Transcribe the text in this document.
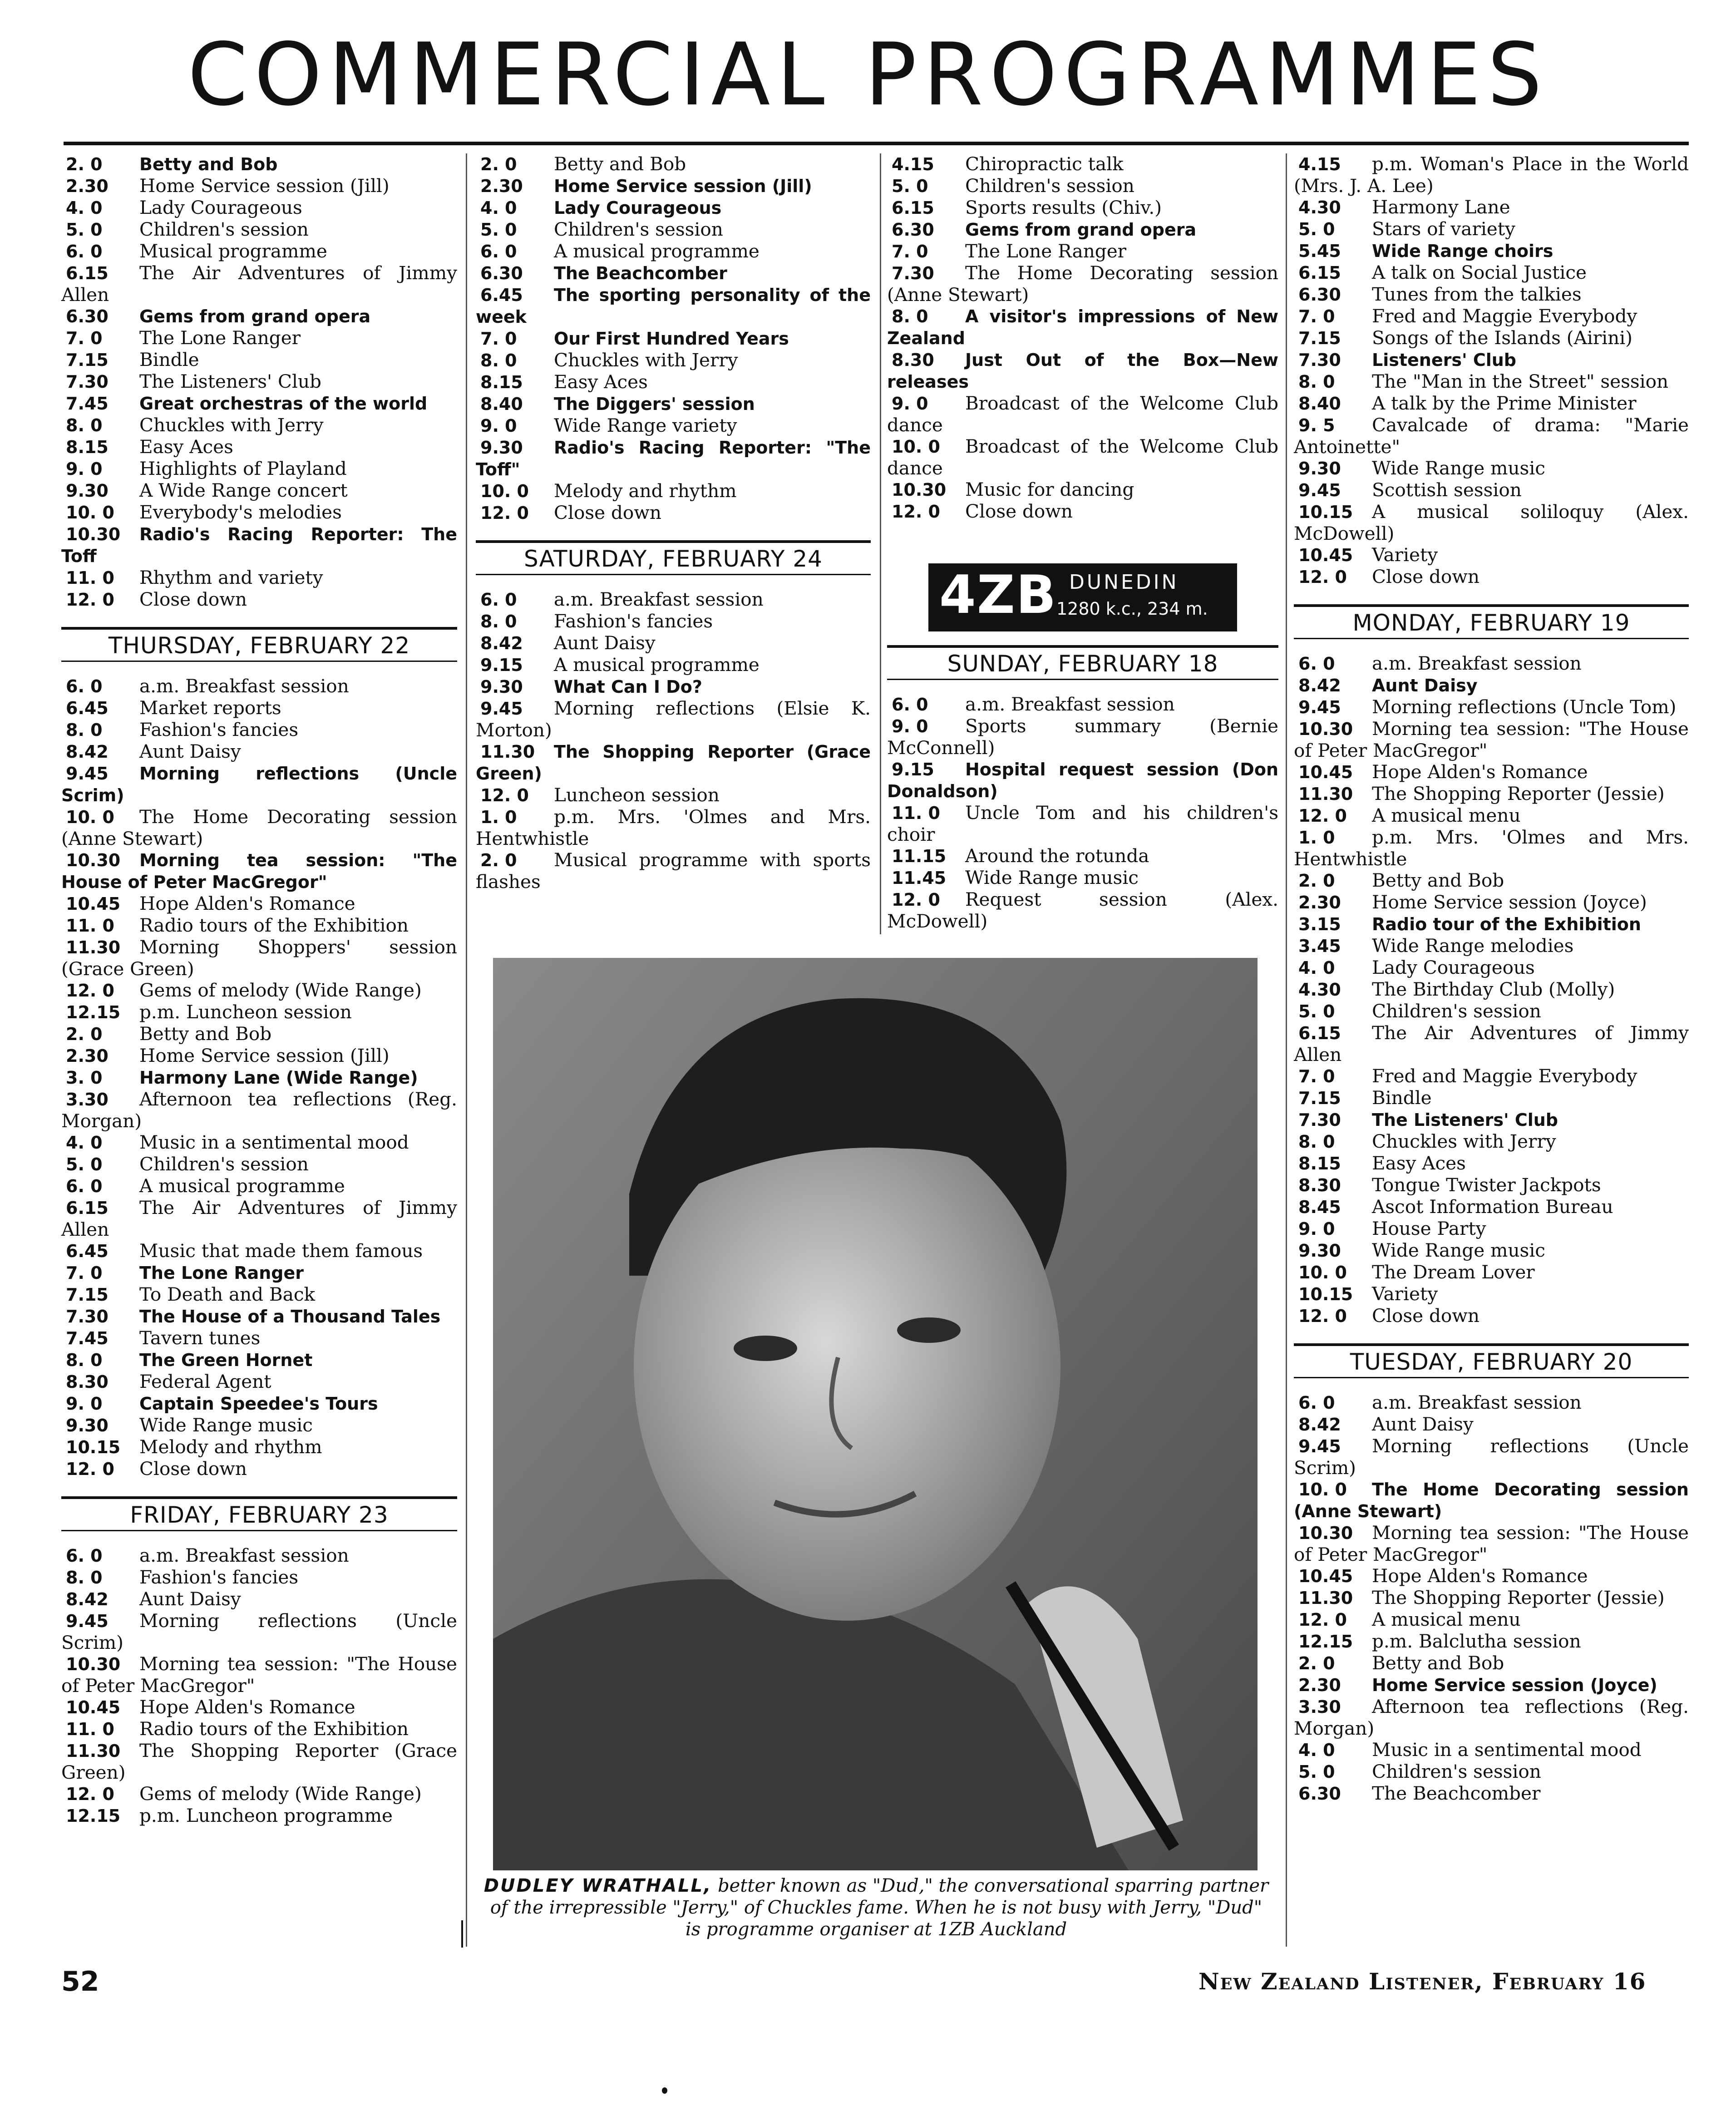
COMMERCIAL PROGRAMMES
2. 0 Betty and Bob
2.30 Home Service session (Jill)
4. 0 Lady Courageous
5. 0 Children's session
6. 0 Musical programme
6.15 The Air Adventures of Jimmy Allen
6.30 Gems from grand opera
7. 0 The Lone Ranger
7.15 Bindle
7.30 The Listeners' Club
7.45 Great orchestras of the world
8. 0 Chuckles with Jerry
8.15 Easy Aces
9. 0 Highlights of Playland
9.30 A Wide Range concert
10. 0 Everybody's melodies
10.30 Radio's Racing Reporter: The Toff
11. 0 Rhythm and variety
12. 0 Close down
THURSDAY, FEBRUARY 22
6. 0 a.m. Breakfast session
6.45 Market reports
8. 0 Fashion's fancies
8.42 Aunt Daisy
9.45 Morning reflections (Uncle Scrim)
10. 0 The Home Decorating session (Anne Stewart)
10.30 Morning tea session: "The House of Peter MacGregor"
10.45 Hope Alden's Romance
11. 0 Radio tours of the Exhibition
11.30 Morning Shoppers' session (Grace Green)
12. 0 Gems of melody (Wide Range)
12.15 p.m. Luncheon session
2. 0 Betty and Bob
2.30 Home Service session (Jill)
3. 0 Harmony Lane (Wide Range)
3.30 Afternoon tea reflections (Reg. Morgan)
4. 0 Music in a sentimental mood
5. 0 Children's session
6. 0 A musical programme
6.15 The Air Adventures of Jimmy Allen
6.45 Music that made them famous
7. 0 The Lone Ranger
7.15 To Death and Back
7.30 The House of a Thousand Tales
7.45 Tavern tunes
8. 0 The Green Hornet
8.30 Federal Agent
9. 0 Captain Speedee's Tours
9.30 Wide Range music
10.15 Melody and rhythm
12. 0 Close down
FRIDAY, FEBRUARY 23
6. 0 a.m. Breakfast session
8. 0 Fashion's fancies
8.42 Aunt Daisy
9.45 Morning reflections (Uncle Scrim)
10.30 Morning tea session: "The House of Peter MacGregor"
10.45 Hope Alden's Romance
11. 0 Radio tours of the Exhibition
11.30 The Shopping Reporter (Grace Green)
12. 0 Gems of melody (Wide Range)
12.15 p.m. Luncheon programme
2. 0 Betty and Bob
2.30 Home Service session (Jill)
4. 0 Lady Courageous
5. 0 Children's session
6. 0 A musical programme
6.30 The Beachcomber
6.45 The sporting personality of the week
7. 0 Our First Hundred Years
8. 0 Chuckles with Jerry
8.15 Easy Aces
8.40 The Diggers' session
9. 0 Wide Range variety
9.30 Radio's Racing Reporter: "The Toff"
10. 0 Melody and rhythm
12. 0 Close down
SATURDAY, FEBRUARY 24
6. 0 a.m. Breakfast session
8. 0 Fashion's fancies
8.42 Aunt Daisy
9.15 A musical programme
9.30 What Can I Do?
9.45 Morning reflections (Elsie K. Morton)
11.30 The Shopping Reporter (Grace Green)
12. 0 Luncheon session
1. 0 p.m. Mrs. 'Olmes and Mrs. Hentwhistle
2. 0 Musical programme with sports flashes
4.15 Chiropractic talk
5. 0 Children's session
6.15 Sports results (Chiv.)
6.30 Gems from grand opera
7. 0 The Lone Ranger
7.30 The Home Decorating session (Anne Stewart)
8. 0 A visitor's impressions of New Zealand
8.30 Just Out of the Box—New releases
9. 0 Broadcast of the Welcome Club dance
10. 0 Broadcast of the Welcome Club dance
10.30 Music for dancing
12. 0 Close down
4ZB DUNEDIN
1280 k.c., 234 m.
SUNDAY, FEBRUARY 18
6. 0 a.m. Breakfast session
9. 0 Sports summary (Bernie McConnell)
9.15 Hospital request session (Don Donaldson)
11. 0 Uncle Tom and his children's choir
11.15 Around the rotunda
11.45 Wide Range music
12. 0 Request session (Alex. McDowell)
4.15 p.m. Woman's Place in the World (Mrs. J. A. Lee)
4.30 Harmony Lane
5. 0 Stars of variety
5.45 Wide Range choirs
6.15 A talk on Social Justice
6.30 Tunes from the talkies
7. 0 Fred and Maggie Everybody
7.15 Songs of the Islands (Airini)
7.30 Listeners' Club
8. 0 The "Man in the Street" session
8.40 A talk by the Prime Minister
9. 5 Cavalcade of drama: "Marie Antoinette"
9.30 Wide Range music
9.45 Scottish session
10.15 A musical soliloquy (Alex. McDowell)
10.45 Variety
12. 0 Close down
MONDAY, FEBRUARY 19
6. 0 a.m. Breakfast session
8.42 Aunt Daisy
9.45 Morning reflections (Uncle Tom)
10.30 Morning tea session: "The House of Peter MacGregor"
10.45 Hope Alden's Romance
11.30 The Shopping Reporter (Jessie)
12. 0 A musical menu
1. 0 p.m. Mrs. 'Olmes and Mrs. Hentwhistle
2. 0 Betty and Bob
2.30 Home Service session (Joyce)
3.15 Radio tour of the Exhibition
3.45 Wide Range melodies
4. 0 Lady Courageous
4.30 The Birthday Club (Molly)
5. 0 Children's session
6.15 The Air Adventures of Jimmy Allen
7. 0 Fred and Maggie Everybody
7.15 Bindle
7.30 The Listeners' Club
8. 0 Chuckles with Jerry
8.15 Easy Aces
8.30 Tongue Twister Jackpots
8.45 Ascot Information Bureau
9. 0 House Party
9.30 Wide Range music
10. 0 The Dream Lover
10.15 Variety
12. 0 Close down
TUESDAY, FEBRUARY 20
6. 0 a.m. Breakfast session
8.42 Aunt Daisy
9.45 Morning reflections (Uncle Scrim)
10. 0 The Home Decorating session (Anne Stewart)
10.30 Morning tea session: "The House of Peter MacGregor"
10.45 Hope Alden's Romance
11.30 The Shopping Reporter (Jessie)
12. 0 A musical menu
12.15 p.m. Balclutha session
2. 0 Betty and Bob
2.30 Home Service session (Joyce)
3.30 Afternoon tea reflections (Reg. Morgan)
4. 0 Music in a sentimental mood
5. 0 Children's session
6.30 The Beachcomber
DUDLEY WRATHALL, better known as "Dud," the conversational sparring partner of the irrepressible "Jerry," of Chuckles fame. When he is not busy with Jerry, "Dud" is programme organiser at 1ZB Auckland
52	New Zealand Listener, February 16
